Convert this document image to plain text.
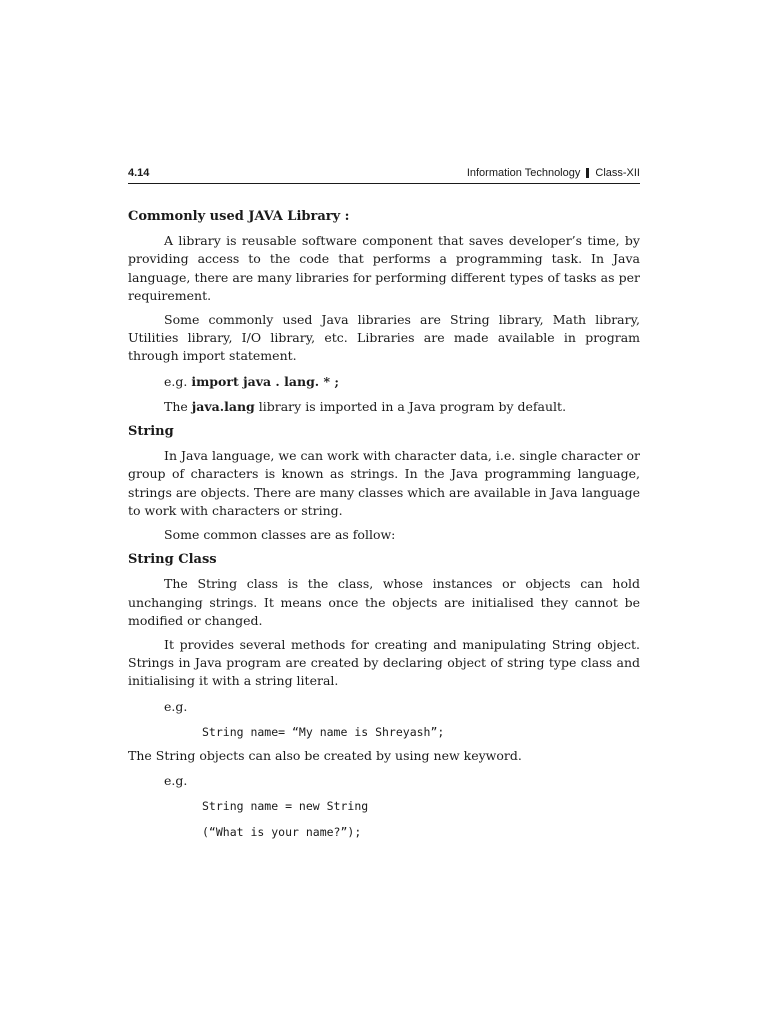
4.14	Information Technology Class-XII
Commonly used JAVA Library :

A library is reusable software component that saves developer’s time, by providing access to the code that performs a programming task. In Java language, there are many libraries for performing different types of tasks as per requirement.

Some commonly used Java libraries are String library, Math library, Utilities library, I/O library, etc. Libraries are made available in program through import statement.

e.g. import java . lang. * ;

The java.lang library is imported in a Java program by default.

String

In Java language, we can work with character data, i.e. single character or group of characters is known as strings. In the Java programming language, strings are objects. There are many classes which are available in Java language to work with characters or string.

Some common classes are as follow:

String Class

The String class is the class, whose instances or objects can hold unchanging strings. It means once the objects are initialised they cannot be modified or changed.

It provides several methods for creating and manipulating String object. Strings in Java program are created by declaring object of string type class and initialising it with a string literal.

e.g.

String name= “My name is Shreyash”;

The String objects can also be created by using new keyword.

e.g.

String name = new String

(“What is your name?”);
